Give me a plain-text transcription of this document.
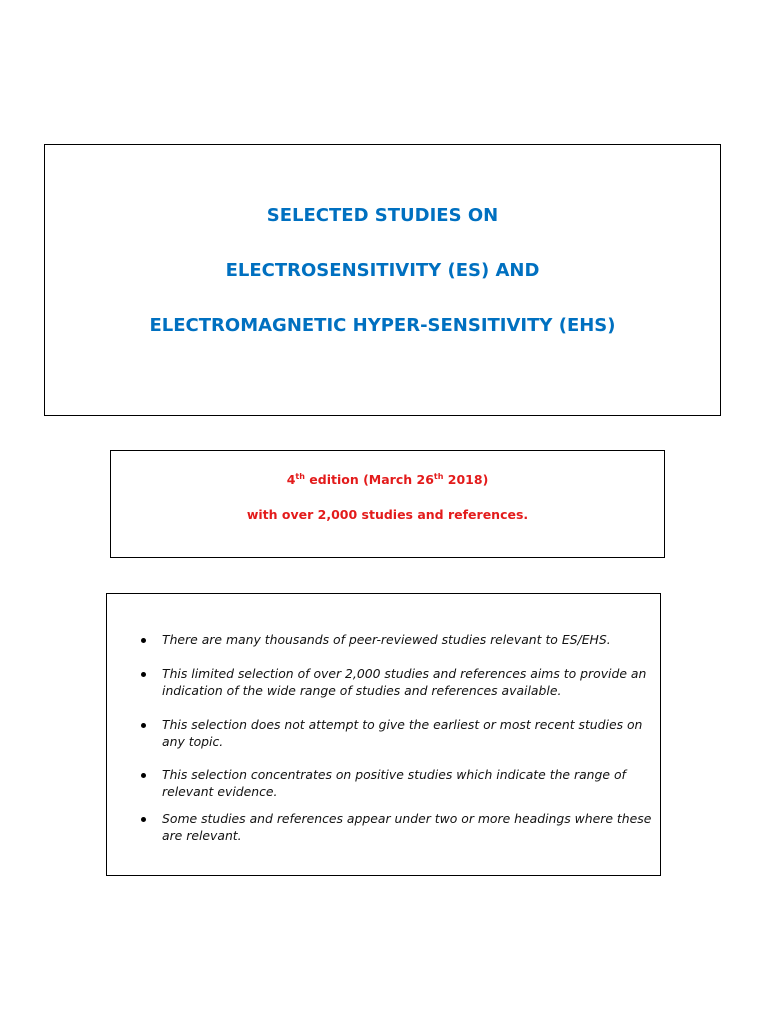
SELECTED STUDIES ON
ELECTROSENSITIVITY (ES) AND
ELECTROMAGNETIC HYPER-SENSITIVITY (EHS)
4th edition (March 26th 2018)
with over 2,000 studies and references.
There are many thousands of peer-reviewed studies relevant to ES/EHS.
This limited selection of over 2,000 studies and references aims to provide an indication of the wide range of studies and references available.
This selection does not attempt to give the earliest or most recent studies on any topic.
This selection concentrates on positive studies which indicate the range of relevant evidence.
Some studies and references appear under two or more headings where these are relevant.
